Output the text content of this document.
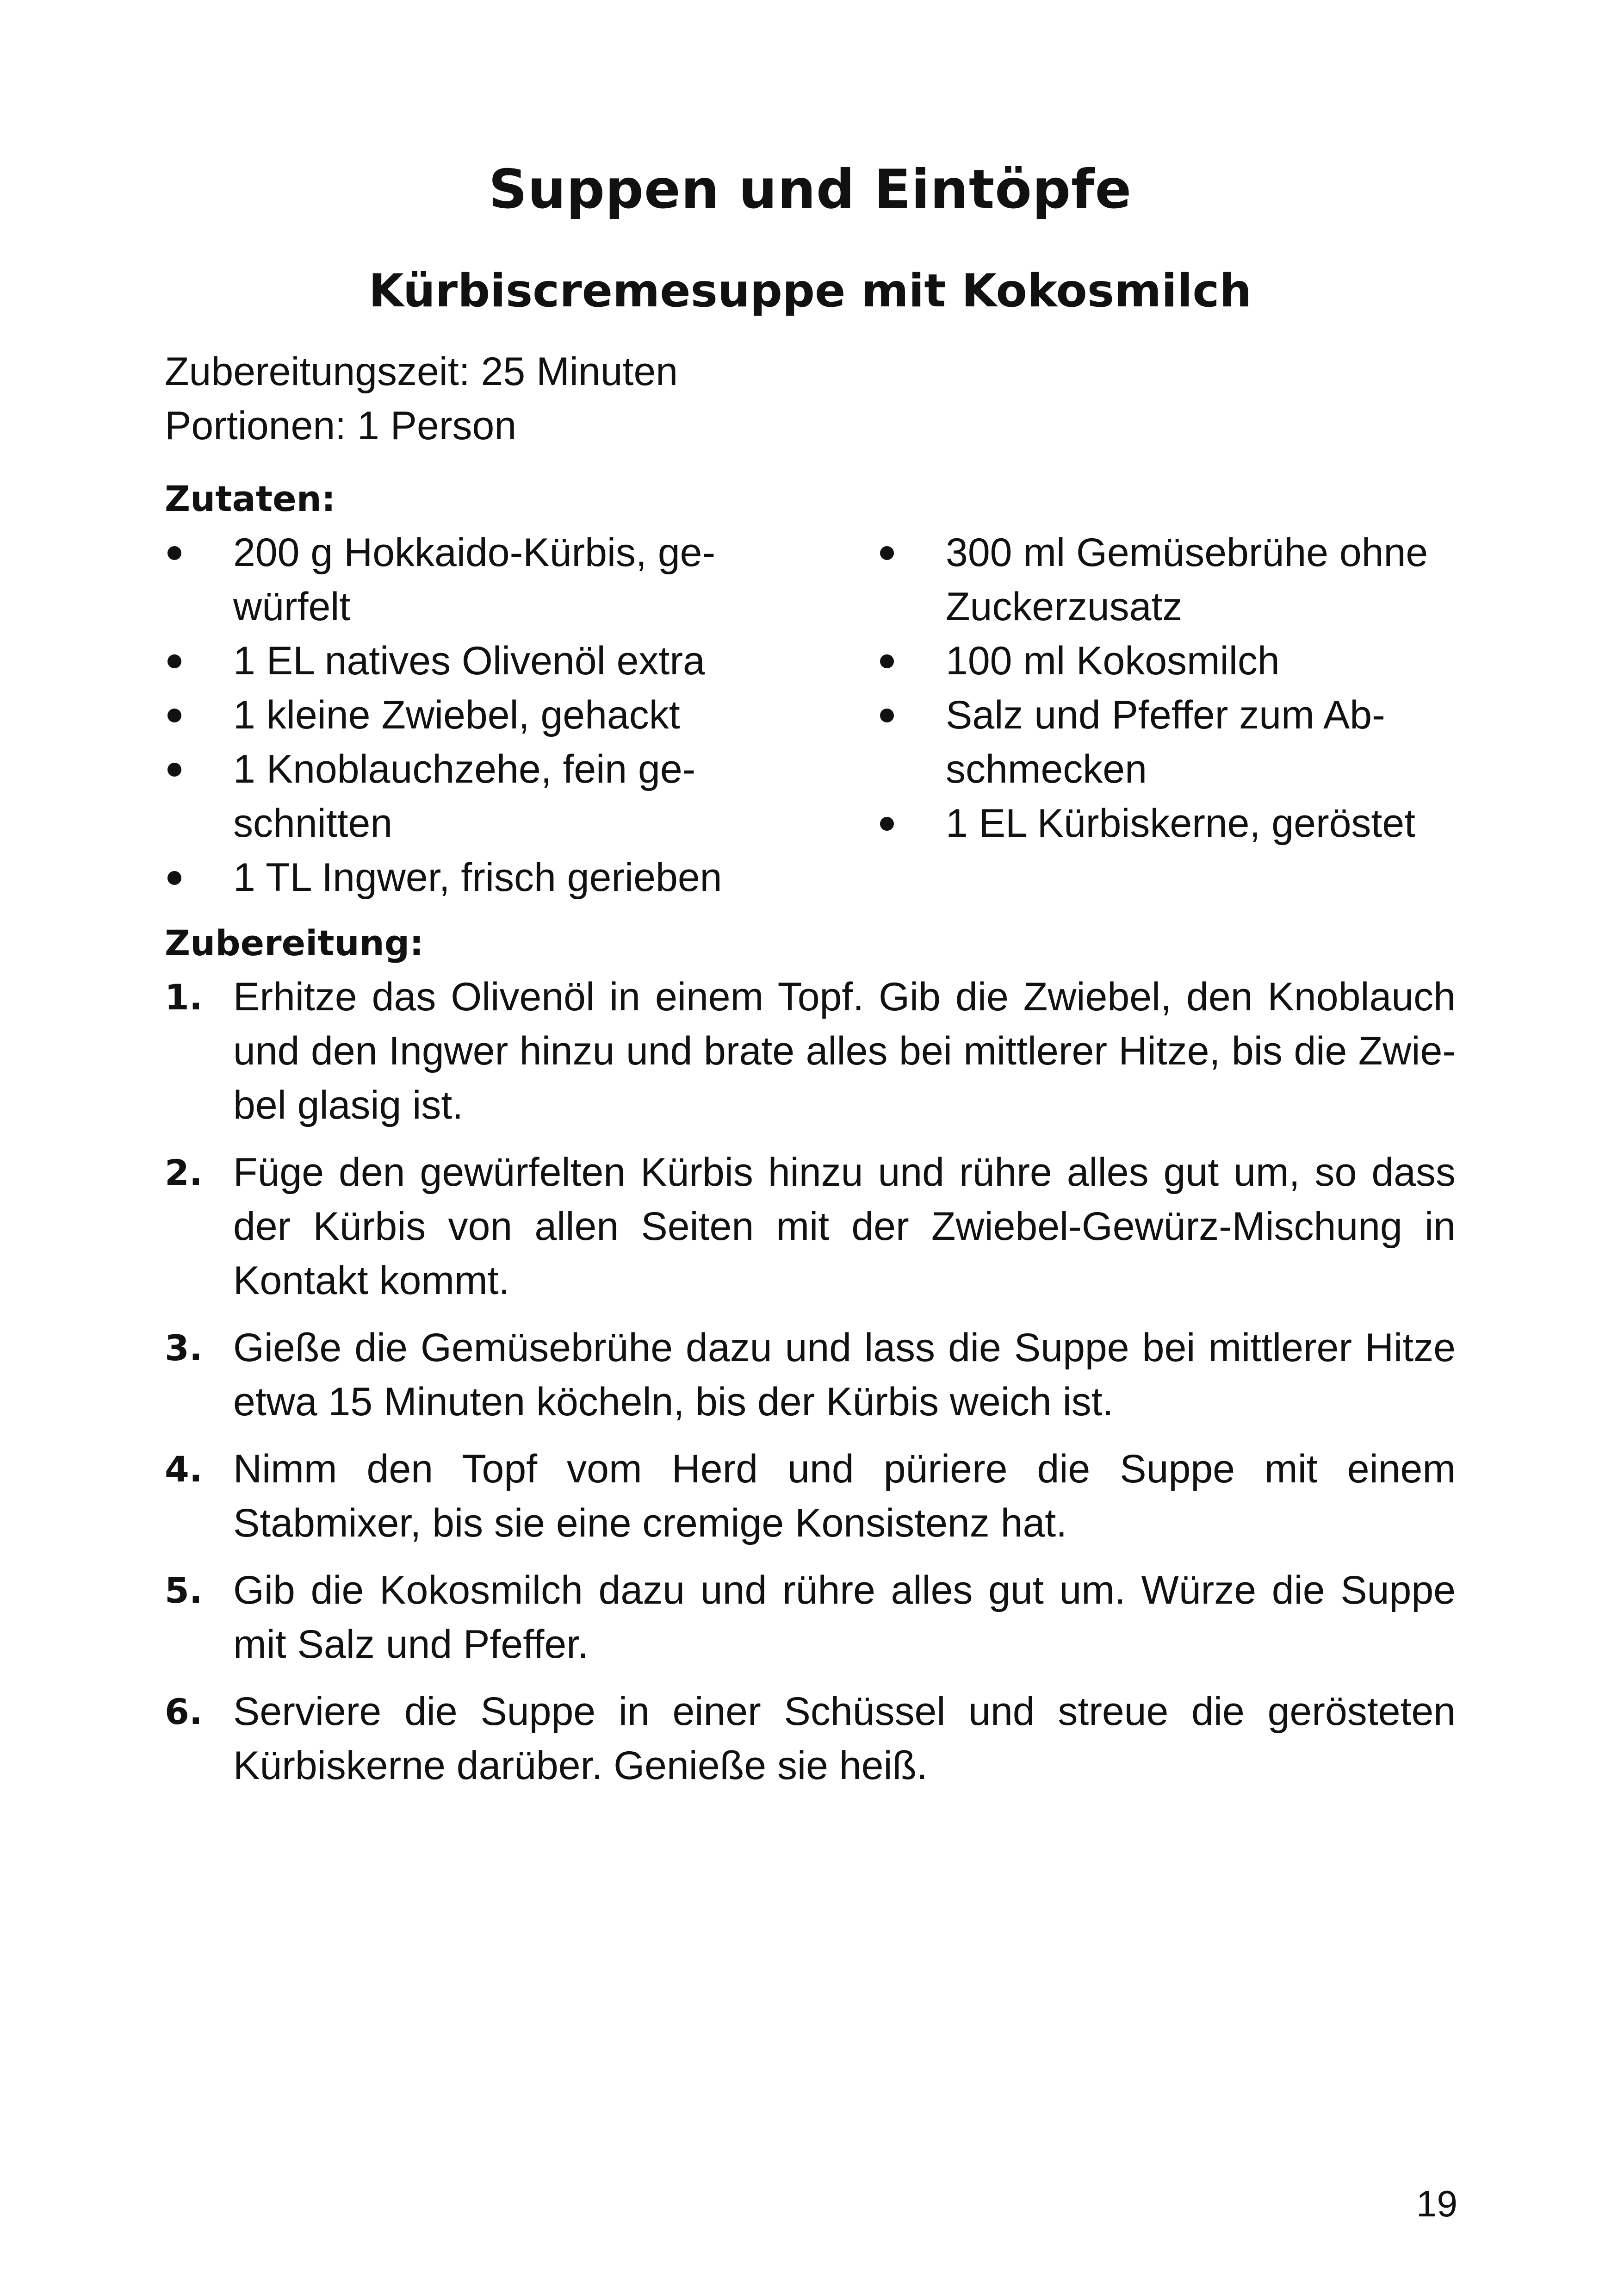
Suppen und Eintöpfe
Kürbiscremesuppe mit Kokosmilch

Zubereitungszeit: 25 Minuten

Portionen: 1 Person

Zutaten:

200 g Hokkaido-Kürbis, gewürfelt
1 EL natives Olivenöl extra
1 kleine Zwiebel, gehackt
1 Knoblauchzehe, fein geschnitten
1 TL Ingwer, frisch gerieben
300 ml Gemüsebrühe ohne Zuckerzusatz
100 ml Kokosmilch
Salz und Pfeffer zum Abschmecken
1 EL Kürbiskerne, geröstet

Zubereitung:

1. Erhitze das Olivenöl in einem Topf. Gib die Zwiebel, den Knoblauch und den Ingwer hinzu und brate alles bei mittlerer Hitze, bis die Zwiebel glasig ist.
2. Füge den gewürfelten Kürbis hinzu und rühre alles gut um, so dass der Kürbis von allen Seiten mit der Zwiebel-Gewürz-Mischung in Kontakt kommt.
3. Gieße die Gemüsebrühe dazu und lass die Suppe bei mittlerer Hitze etwa 15 Minuten köcheln, bis der Kürbis weich ist.
4. Nimm den Topf vom Herd und püriere die Suppe mit einem Stabmixer, bis sie eine cremige Konsistenz hat.
5. Gib die Kokosmilch dazu und rühre alles gut um. Würze die Suppe mit Salz und Pfeffer.
6. Serviere die Suppe in einer Schüssel und streue die gerösteten Kürbiskerne darüber. Genieße sie heiß.
19
